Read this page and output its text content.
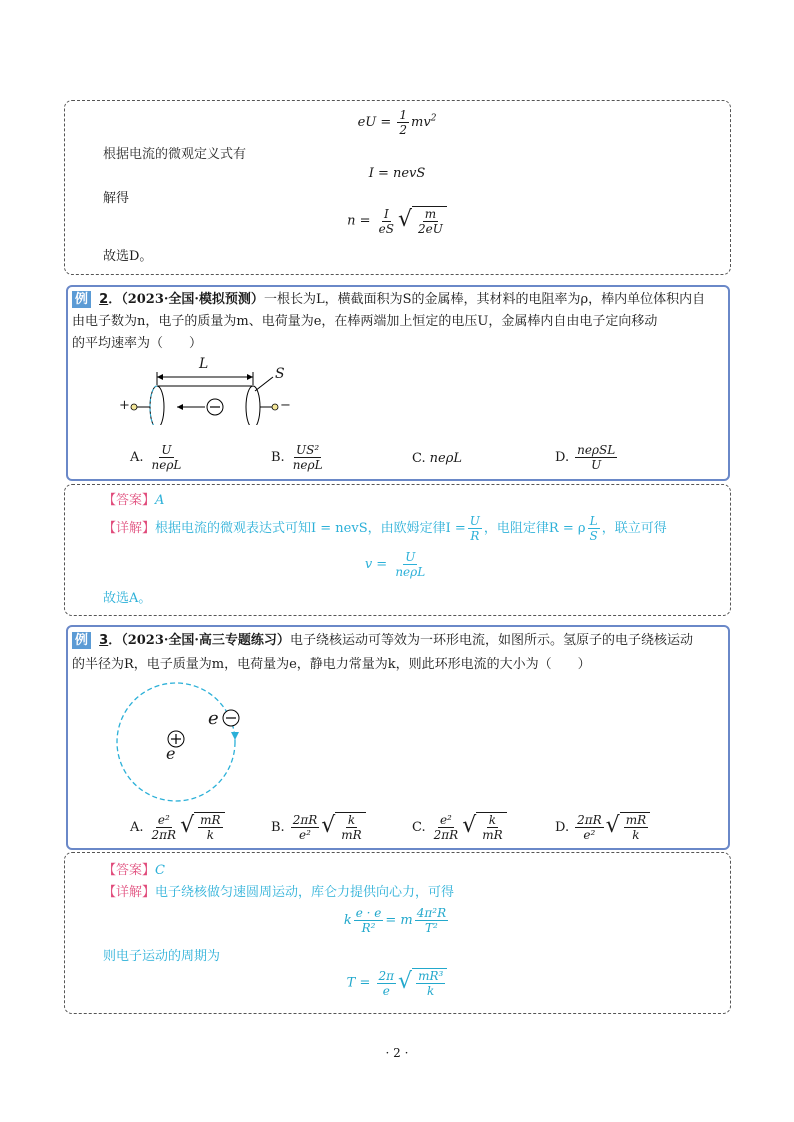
eU = $\frac{1}{2} mv^2$
根据电流的微观定义式有
I = nevS
解得
$n = \frac{I}{eS}$ √ $\frac{m}{2eU}$
故选D。
例 2．（2023·全国·模拟预测）一根长为L，横截面积为S的金属棒，其材料的电阻率为ρ，棒内单位体积内自
由电子数为n，电子的质量为m、电荷量为e，在棒两端加上恒定的电压U，金属棒内自由电子定向移动
的平均速率为（　　）
L
S
+	−
A. $\frac{U}{\text{neρL}}$	B. $\frac{\text{US²}}{\text{neρL}}$	C. neρL	D. $\frac{\text{neρSL}}{U}$
【答案】A
【详解】根据电流的微观表达式可知I = nevS，由欧姆定律$I = \frac{U}{R}$ ，电阻定律R = ρ $\frac{L}{S}$ ，联立可得
$v = \frac{U}{\text{neρL}}$
故选A。
例 3．（2023·全国·高三专题练习）电子绕核运动可等效为一环形电流，如图所示。氢原子的电子绕核运动
的半径为R，电子质量为m，电荷量为e，静电力常量为k，则此环形电流的大小为（　　）
e
e
A. $\frac{\text{e²}}{2\pi R}$ √ $\frac{mR}{k}$	B. $\frac{2\pi R}{\text{e²}}$ √ $\frac{k}{mR}$	C. $\frac{\text{e²}}{2\pi R}$ √ $\frac{k}{mR}$	D. $\frac{2\pi R}{\text{e²}}$ √ $\frac{mR}{k}$
【答案】C
【详解】电子绕核做匀速圆周运动，库仑力提供向心力，可得
k $\frac{e \cdot e}{\text{R²}} = m \frac{\text{4π²R}}{\text{T²}}$
则电子运动的周期为
$T = \frac{2\pi}{e}$ √ $\frac{\text{mR³}}{k}$
· 2 ·
